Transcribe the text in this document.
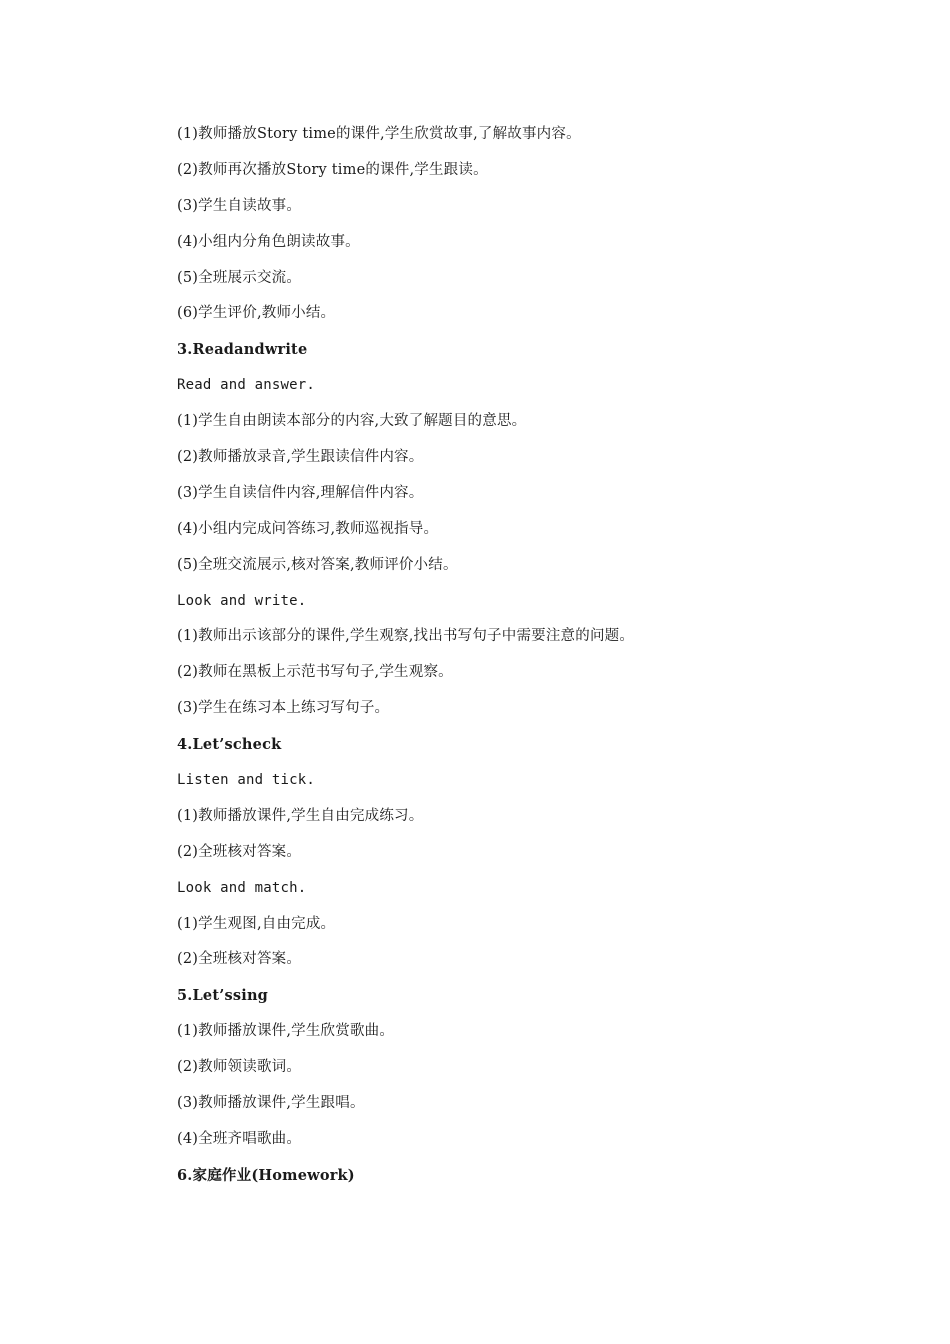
(1)教师播放Story time的课件,学生欣赏故事,了解故事内容。
(2)教师再次播放Story time的课件,学生跟读。
(3)学生自读故事。
(4)小组内分角色朗读故事。
(5)全班展示交流。
(6)学生评价,教师小结。
3.Readandwrite
Read and answer.
(1)学生自由朗读本部分的内容,大致了解题目的意思。
(2)教师播放录音,学生跟读信件内容。
(3)学生自读信件内容,理解信件内容。
(4)小组内完成问答练习,教师巡视指导。
(5)全班交流展示,核对答案,教师评价小结。
Look and write.
(1)教师出示该部分的课件,学生观察,找出书写句子中需要注意的问题。
(2)教师在黑板上示范书写句子,学生观察。
(3)学生在练习本上练习写句子。
4.Let’scheck
Listen and tick.
(1)教师播放课件,学生自由完成练习。
(2)全班核对答案。
Look and match.
(1)学生观图,自由完成。
(2)全班核对答案。
5.Let’ssing
(1)教师播放课件,学生欣赏歌曲。
(2)教师领读歌词。
(3)教师播放课件,学生跟唱。
(4)全班齐唱歌曲。
6.家庭作业(Homework)
